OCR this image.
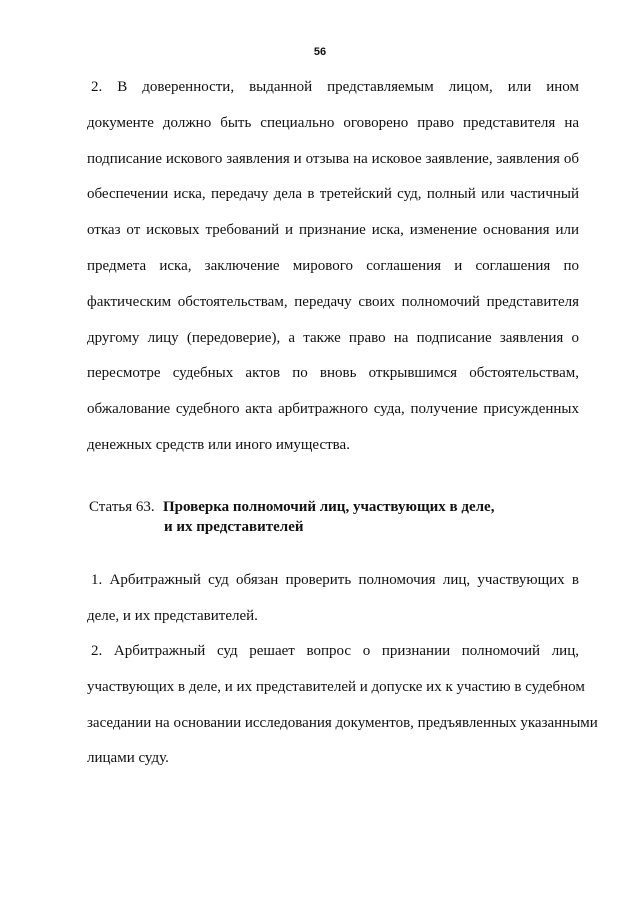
56
2. В доверенности, выданной представляемым лицом, или ином
документе должно быть специально оговорено право представителя на
подписание искового заявления и отзыва на исковое заявление, заявления об
обеспечении иска, передачу дела в третейский суд, полный или частичный
отказ от исковых требований и признание иска, изменение основания или
предмета иска, заключение мирового соглашения и соглашения по
фактическим обстоятельствам, передачу своих полномочий представителя
другому лицу (передоверие), а также право на подписание заявления о
пересмотре судебных актов по вновь открывшимся обстоятельствам,
обжалование судебного акта арбитражного суда, получение присужденных
денежных средств или иного имущества.
Статья 63. Проверка полномочий лиц, участвующих в деле,
и их представителей
1. Арбитражный суд обязан проверить полномочия лиц, участвующих в
деле, и их представителей.
2. Арбитражный суд решает вопрос о признании полномочий лиц,
участвующих в деле, и их представителей и допуске их к участию в судебном
заседании на основании исследования документов, предъявленных указанными
лицами суду.
